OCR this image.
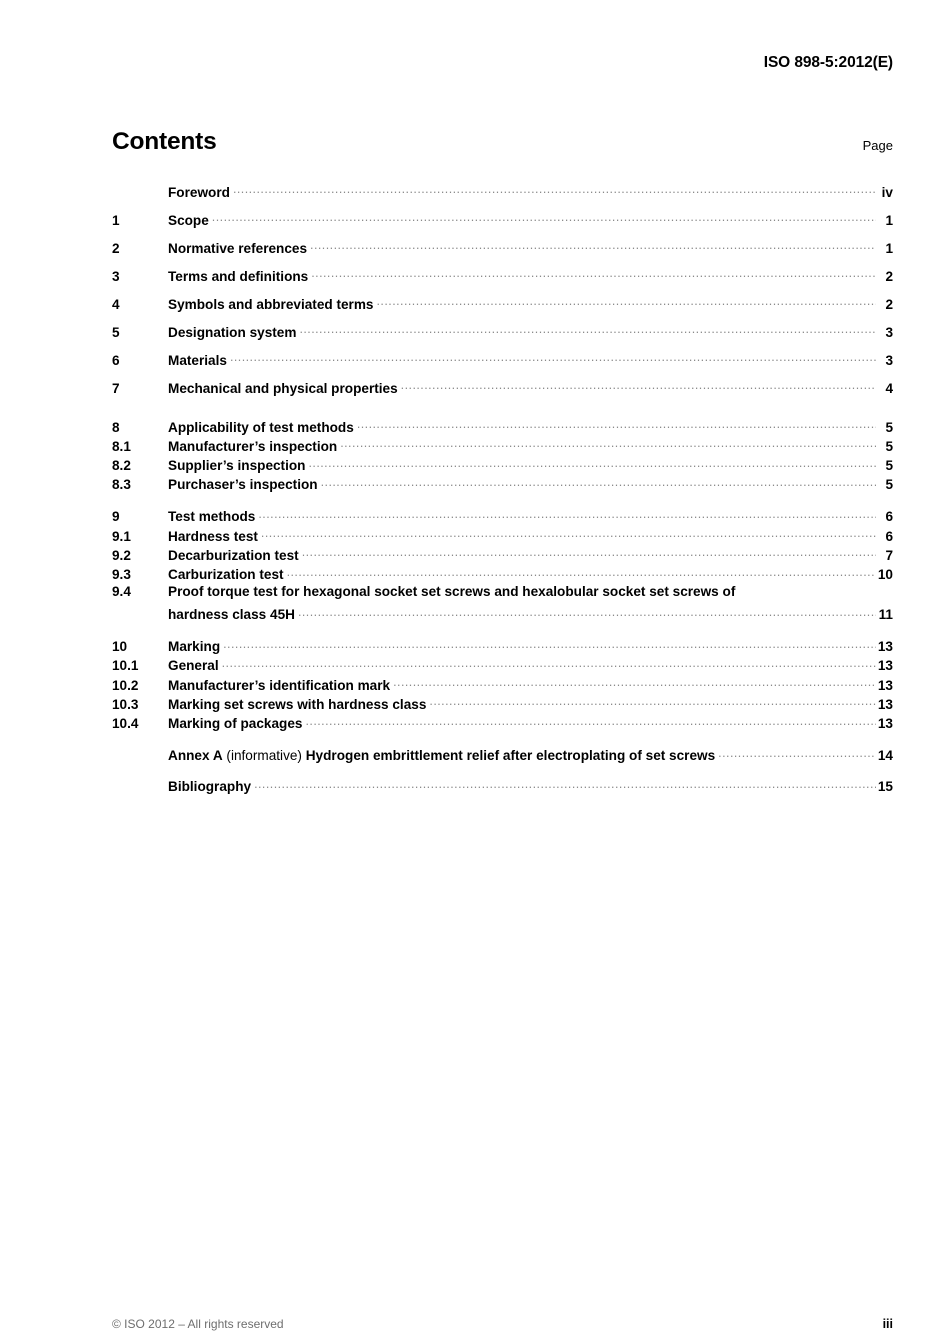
ISO 898-5:2012(E)
Contents	Page
Foreword .....	iv
1	Scope .....	1
2	Normative references .....	1
3	Terms and definitions .....	2
4	Symbols and abbreviated terms .....	2
5	Designation system .....	3
6	Materials .....	3
7	Mechanical and physical properties .....	4
8	Applicability of test methods .....	5
8.1	Manufacturer’s inspection .....	5
8.2	Supplier’s inspection .....	5
8.3	Purchaser’s inspection .....	5
9	Test methods .....	6
9.1	Hardness test .....	6
9.2	Decarburization test .....	7
9.3	Carburization test .....	10
9.4	Proof torque test for hexagonal socket set screws and hexalobular socket set screws of
hardness class 45H .....	11
10	Marking .....	13
10.1	General .....	13
10.2	Manufacturer’s identification mark .....	13
10.3	Marking set screws with hardness class .....	13
10.4	Marking of packages .....	13
Annex A (informative) Hydrogen embrittlement relief after electroplating of set screws .....	14
Bibliography .....	15
© ISO 2012 – All rights reserved	iii
